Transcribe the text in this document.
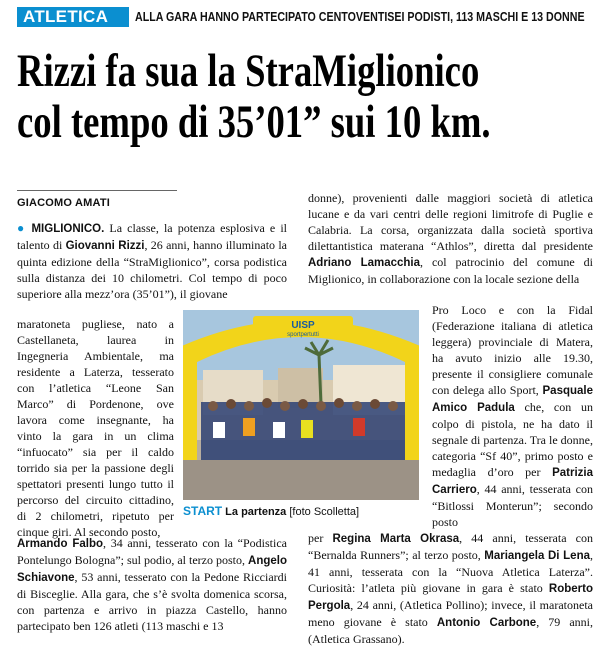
ATLETICA	ALLA GARA HANNO PARTECIPATO CENTOVENTISEI PODISTI, 113 MASCHI E 13 DONNE
Rizzi fa sua la StraMiglionico
col tempo di 35’01” sui 10 km.
GIACOMO AMATI
● MIGLIONICO. La classe, la potenza esplosiva e il talento di Giovanni Rizzi, 26 anni, hanno illuminato la quinta edizione della “StraMiglionico”, corsa podistica sulla distanza dei 10 chilometri. Col tempo di poco superiore alla mezz’ora (35’01”), il giovane
maratoneta pugliese, nato a Castellaneta, laurea in Ingegneria Ambientale, ma residente a Laterza, tesserato con l’atletica “Leone San Marco” di Pordenone, ove lavora come insegnante, ha vinto la gara in un clima “infuocato” sia per il caldo torrido sia per la passione degli spettatori presenti lungo tutto il percorso del circuito cittadino, di 2 chilometri, ripetuto per cinque giri. Al secondo posto,
Armando Falbo, 34 anni, tesserato con la “Podistica Pontelungo Bologna”; sul podio, al terzo posto, Angelo Schiavone, 53 anni, tesserato con la Pedone Ricciardi di Bisceglie. Alla gara, che s’è svolta domenica scorsa, con partenza e arrivo in piazza Castello, hanno partecipato ben 126 atleti (113 maschi e 13
donne), provenienti dalle maggiori società di atletica lucane e da vari centri delle regioni limitrofe di Puglie e Calabria. La corsa, organizzata dalla società sportiva dilettantistica materana “Athlos”, diretta dal presidente Adriano Lamacchia, col patrocinio del comune di Miglionico, in collaborazione con la locale sezione della
Pro Loco e con la Fidal (Federazione italiana di atletica leggera) provinciale di Matera, ha avuto inizio alle 19.30, presente il consigliere comunale con delega allo Sport, Pasquale Amico Padula che, con un colpo di pistola, ne ha dato il segnale di partenza. Tra le donne, categoria “Sf 40”, primo posto e medaglia d’oro per Patrizia Carriero, 44 anni, tesserata con “Bitlossi Monterun”; secondo posto
per Regina Marta Okrasa, 44 anni, tesserata con “Bernalda Runners”; al terzo posto, Mariangela Di Lena, 41 anni, tesserata con la “Nuova Atletica Laterza”. Curiosità: l’atleta più giovane in gara è stato Roberto Pergola, 24 anni, (Atletica Pollino); invece, il maratoneta meno giovane è stato Antonio Carbone, 79 anni, (Atletica Grassano).
UISP
sportpertutti
START La partenza [foto Scolletta]
